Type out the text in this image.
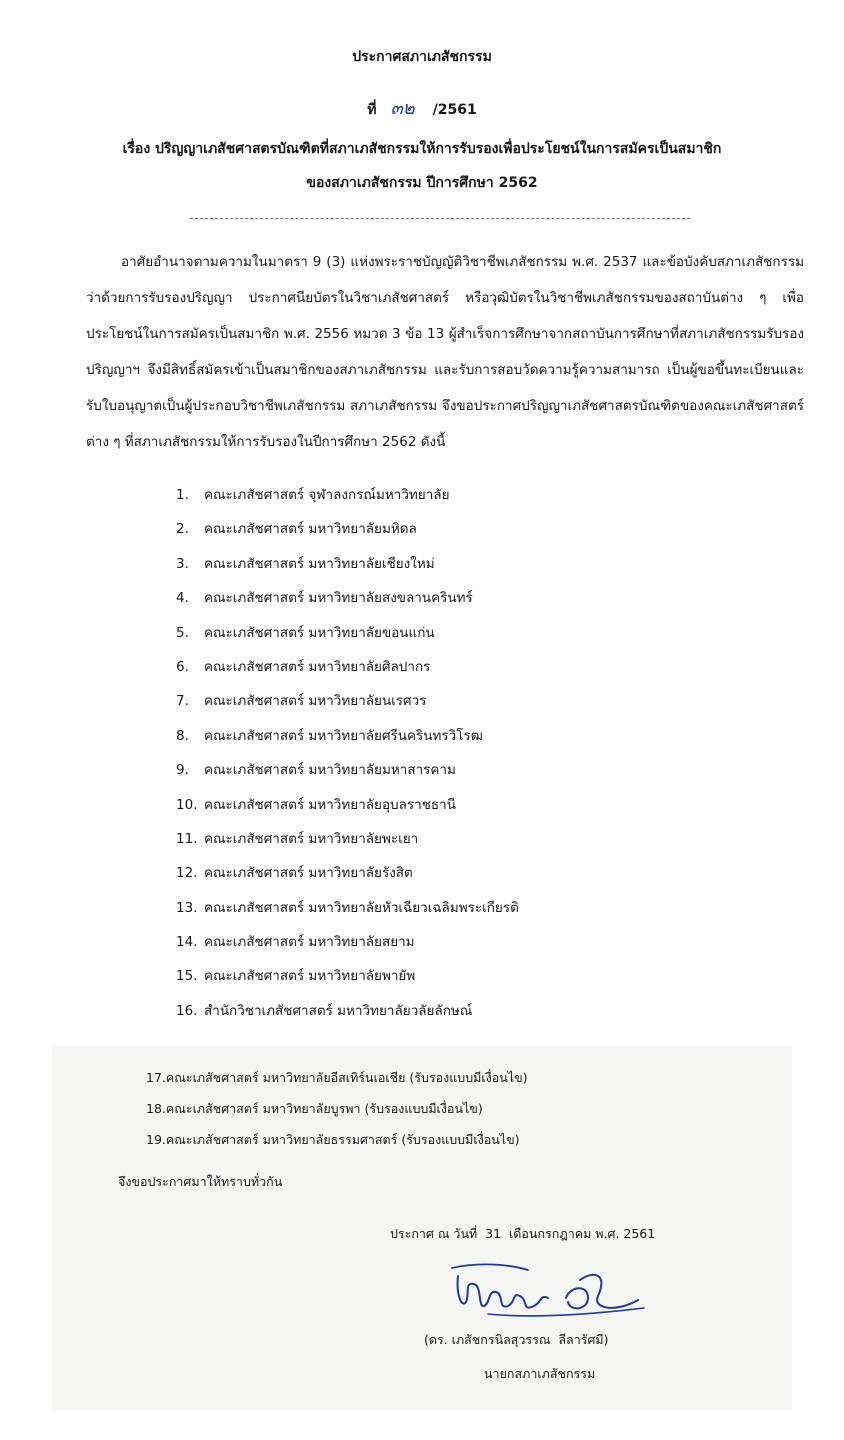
ประกาศสภาเภสัชกรรม

ที่ ๓๒ /2561

เรื่อง ปริญญาเภสัชศาสตรบัณฑิตที่สภาเภสัชกรรมให้การรับรองเพื่อประโยชน์ในการสมัครเป็นสมาชิก

ของสภาเภสัชกรรม ปีการศึกษา 2562

อาศัยอำนาจตามความในมาตรา 9 (3) แห่งพระราชบัญญัติวิชาชีพเภสัชกรรม พ.ศ. 2537 และข้อบังคับสภาเภสัชกรรม ว่าด้วยการรับรองปริญญา ประกาศนียบัตรในวิชาเภสัชศาสตร์ หรือวุฒิบัตรในวิชาชีพเภสัชกรรมของสถาบันต่าง ๆ เพื่อประโยชน์ในการสมัครเป็นสมาชิก พ.ศ. 2556 หมวด 3 ข้อ 13 ผู้สำเร็จการศึกษาจากสถาบันการศึกษาที่สภาเภสัชกรรมรับรองปริญญาฯ จึงมีสิทธิ์สมัครเข้าเป็นสมาชิกของสภาเภสัชกรรม และรับการสอบวัดความรู้ความสามารถ เป็นผู้ขอขึ้นทะเบียนและรับใบอนุญาตเป็นผู้ประกอบวิชาชีพเภสัชกรรม สภาเภสัชกรรม จึงขอประกาศปริญญาเภสัชศาสตรบัณฑิตของคณะเภสัชศาสตร์ต่าง ๆ ที่สภาเภสัชกรรมให้การรับรองในปีการศึกษา 2562 ดังนี้

1. คณะเภสัชศาสตร์ จุฬาลงกรณ์มหาวิทยาลัย
2. คณะเภสัชศาสตร์ มหาวิทยาลัยมหิดล
3. คณะเภสัชศาสตร์ มหาวิทยาลัยเชียงใหม่
4. คณะเภสัชศาสตร์ มหาวิทยาลัยสงขลานครินทร์
5. คณะเภสัชศาสตร์ มหาวิทยาลัยขอนแก่น
6. คณะเภสัชศาสตร์ มหาวิทยาลัยศิลปากร
7. คณะเภสัชศาสตร์ มหาวิทยาลัยนเรศวร
8. คณะเภสัชศาสตร์ มหาวิทยาลัยศรีนครินทรวิโรฒ
9. คณะเภสัชศาสตร์ มหาวิทยาลัยมหาสารคาม
10. คณะเภสัชศาสตร์ มหาวิทยาลัยอุบลราชธานี
11. คณะเภสัชศาสตร์ มหาวิทยาลัยพะเยา
12. คณะเภสัชศาสตร์ มหาวิทยาลัยรังสิต
13. คณะเภสัชศาสตร์ มหาวิทยาลัยหัวเฉียวเฉลิมพระเกียรติ
14. คณะเภสัชศาสตร์ มหาวิทยาลัยสยาม
15. คณะเภสัชศาสตร์ มหาวิทยาลัยพายัพ
16. สำนักวิชาเภสัชศาสตร์ มหาวิทยาลัยวลัยลักษณ์
17.คณะเภสัชศาสตร์ มหาวิทยาลัยอีสเทิร์นเอเชีย (รับรองแบบมีเงื่อนไข)
18.คณะเภสัชศาสตร์ มหาวิทยาลัยบูรพา (รับรองแบบมีเงื่อนไข)
19.คณะเภสัชศาสตร์ มหาวิทยาลัยธรรมศาสตร์ (รับรองแบบมีเงื่อนไข)

จึงขอประกาศมาให้ทราบทั่วกัน

ประกาศ ณ วันที่  31  เดือนกรกฎาคม พ.ศ. 2561

(ดร. เภสัชกรนิลสุวรรณ  ลีลารัศมี)

นายกสภาเภสัชกรรม
